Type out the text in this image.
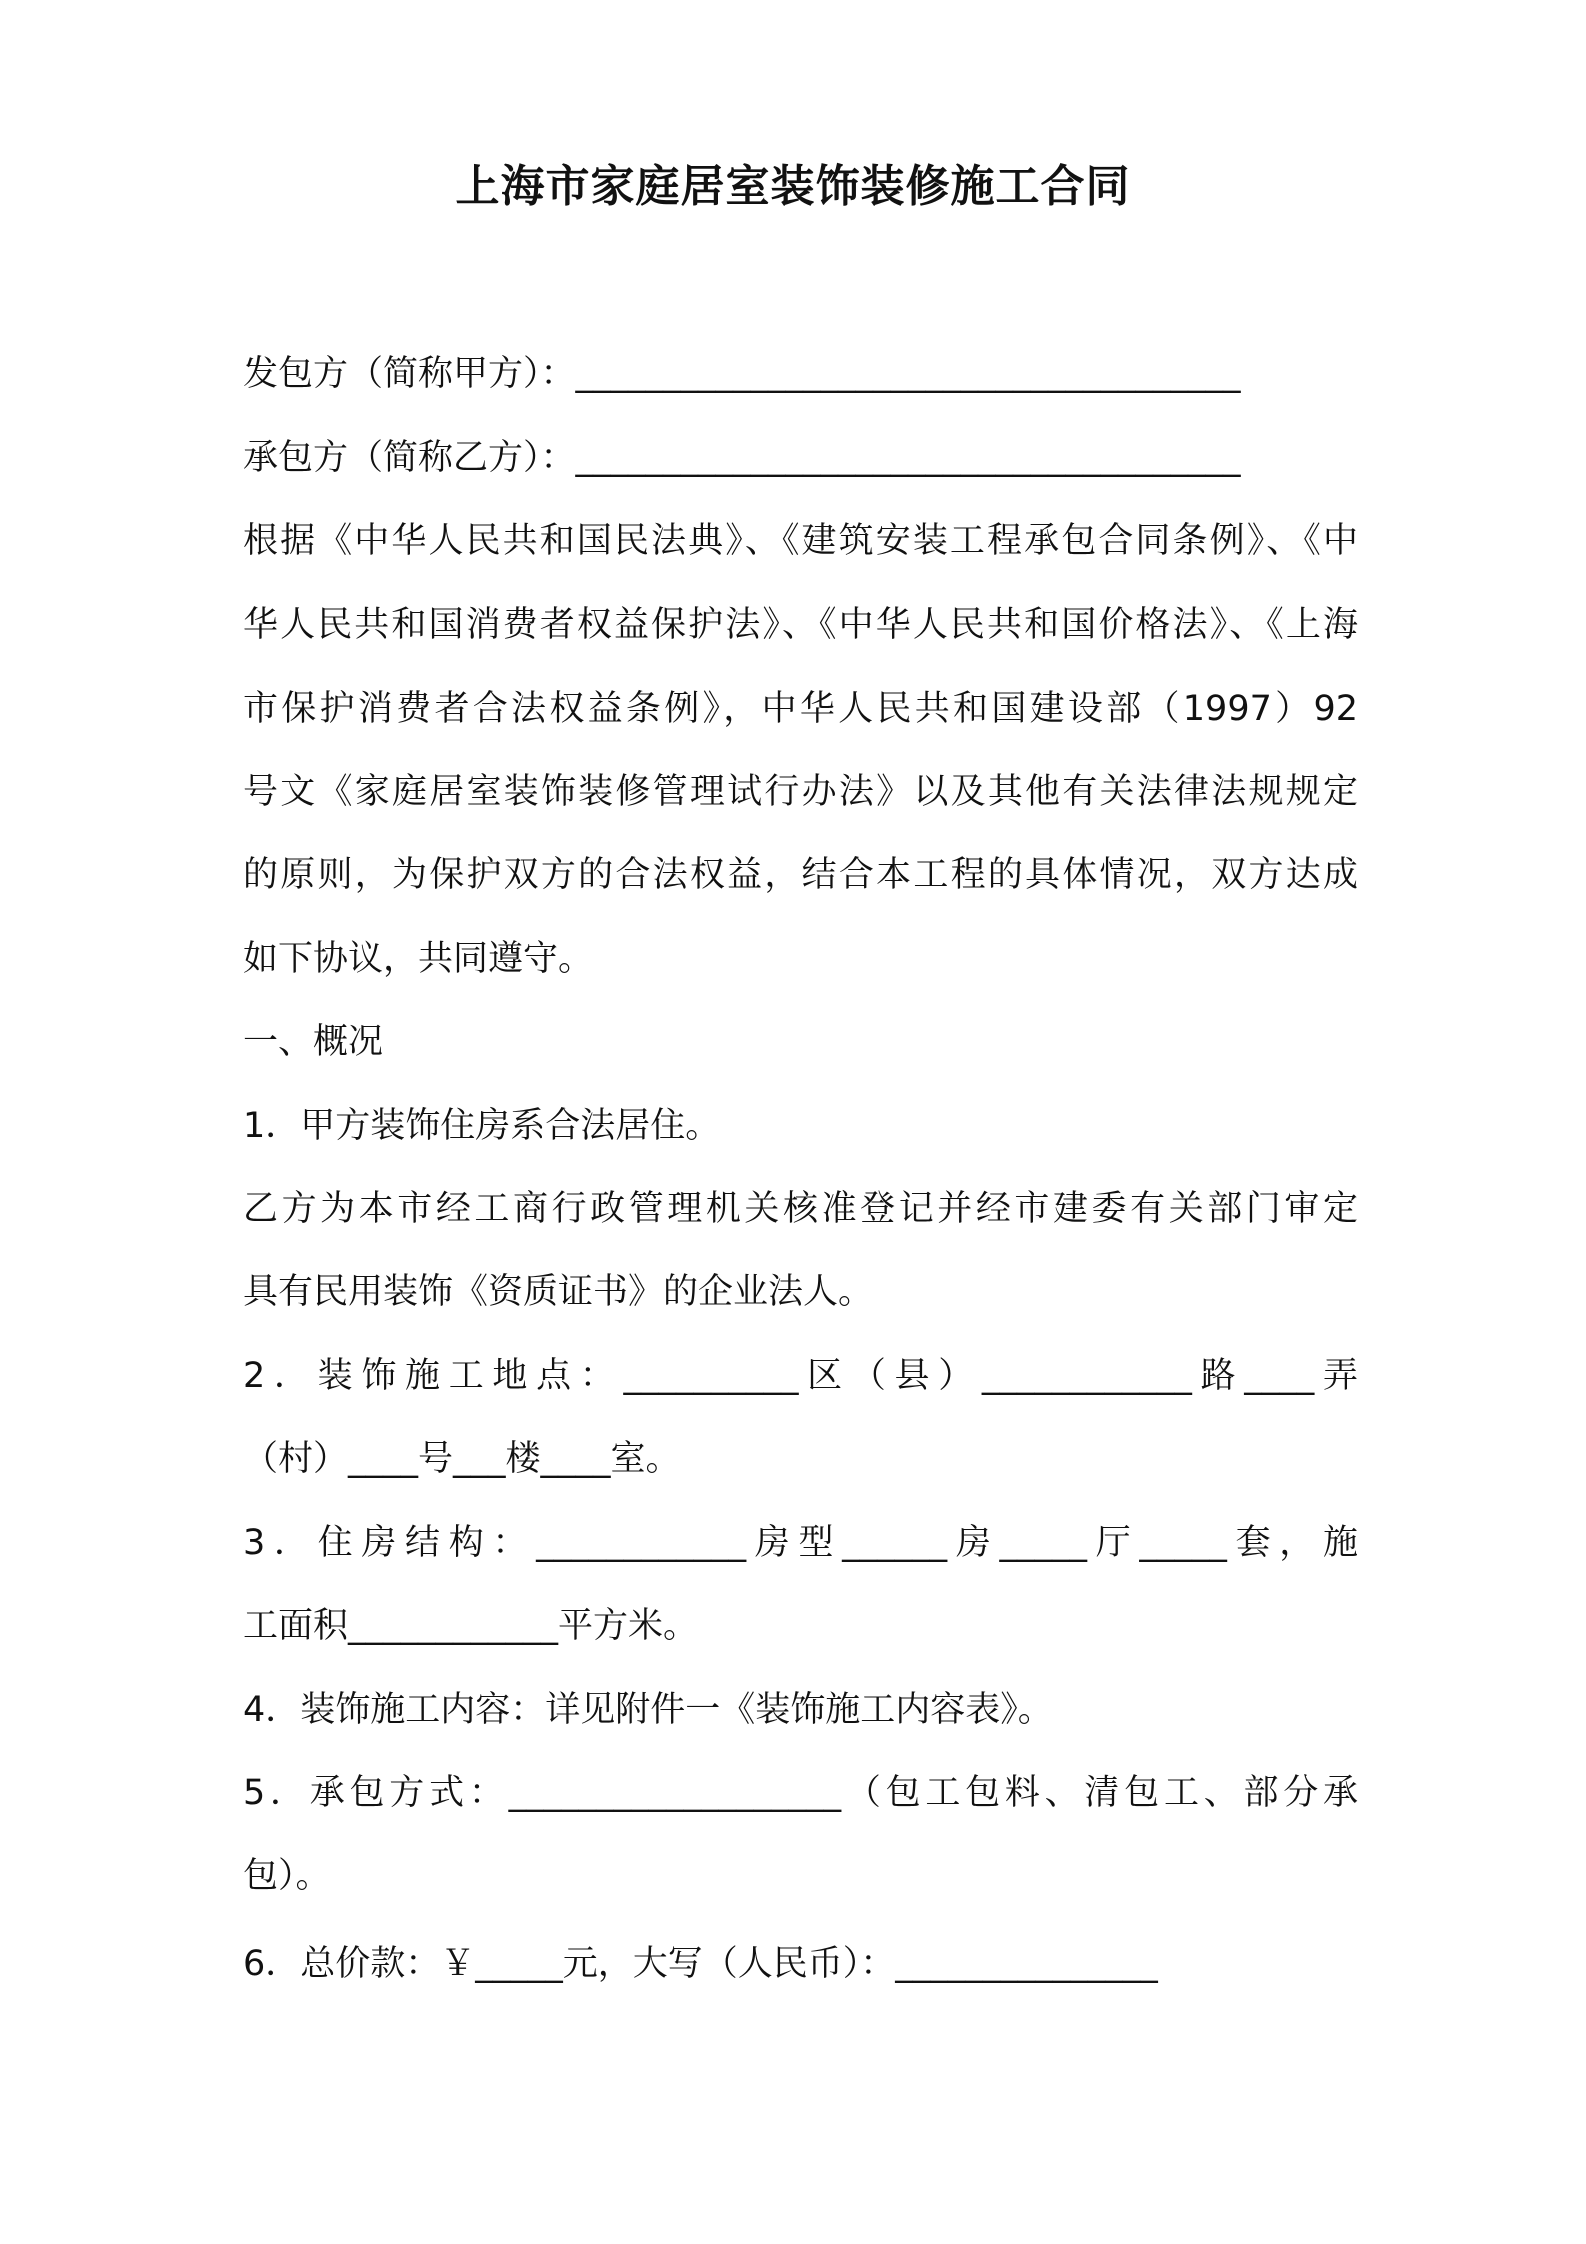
上海市家庭居室装饰装修施工合同
发包方（简称甲方）：______________________________________
承包方（简称乙方）：______________________________________
根据《中华人民共和国民法典》、《建筑安装工程承包合同条例》、《中
华人民共和国消费者权益保护法》、《中华人民共和国价格法》、《上海
市保护消费者合法权益条例》，中华人民共和国建设部（1997）92
号文《家庭居室装饰装修管理试行办法》以及其他有关法律法规规定
的原则，为保护双方的合法权益，结合本工程的具体情况，双方达成
如下协议，共同遵守。
一、概况
1．甲方装饰住房系合法居住。
乙方为本市经工商行政管理机关核准登记并经市建委有关部门审定
具有民用装饰《资质证书》的企业法人。
2．装饰施工地点：__________区（县）____________路____弄
（村）____号___楼____室。
3．住房结构：____________房型______房_____厅_____套，施
工面积____________平方米。
4．装饰施工内容：详见附件一《装饰施工内容表》。
5．承包方式：___________________（包工包料、清包工、部分承
包）。
6．总价款：￥_____元，大写（人民币）：_______________
